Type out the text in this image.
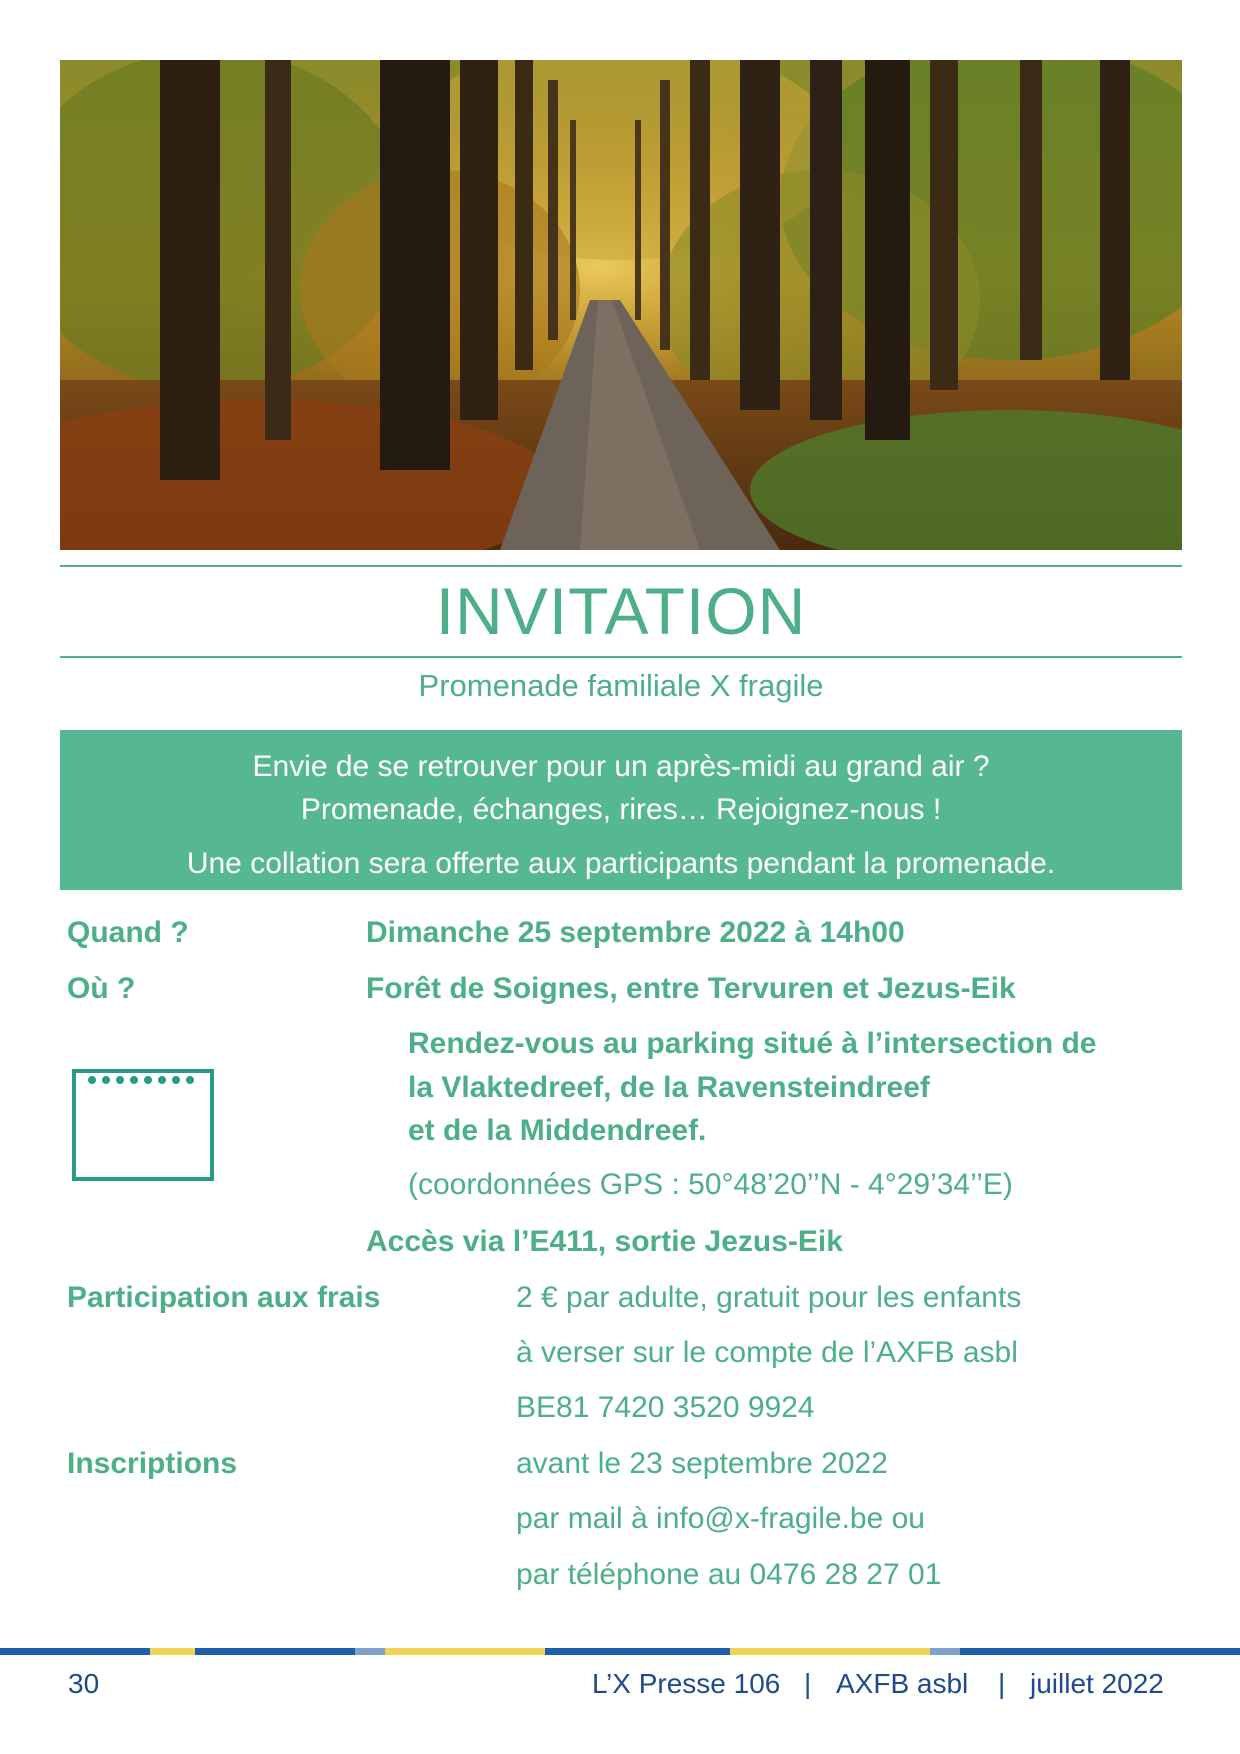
INVITATION
Promenade familiale X fragile
Envie de se retrouver pour un après-midi au grand air ?
Promenade, échanges, rires… Rejoignez-nous !
Une collation sera offerte aux participants pendant la promenade.
Quand ?	Dimanche 25 septembre 2022 à 14h00
Où ?	Forêt de Soignes, entre Tervuren et Jezus-Eik
Rendez-vous au parking situé à l’intersection de
la Vlaktedreef, de la Ravensteindreef
et de la Middendreef.
(coordonnées GPS : 50°48’20’’N - 4°29’34’’E)
Accès via l’E411, sortie Jezus-Eik
Participation aux frais	2 € par adulte, gratuit pour les enfants
à verser sur le compte de l’AXFB asbl
BE81 7420 3520 9924
Inscriptions	avant le 23 septembre 2022
par mail à info@x-fragile.be ou
par téléphone au 0476 28 27 01
30	L’X Presse 106 | AXFB asbl | juillet 2022
